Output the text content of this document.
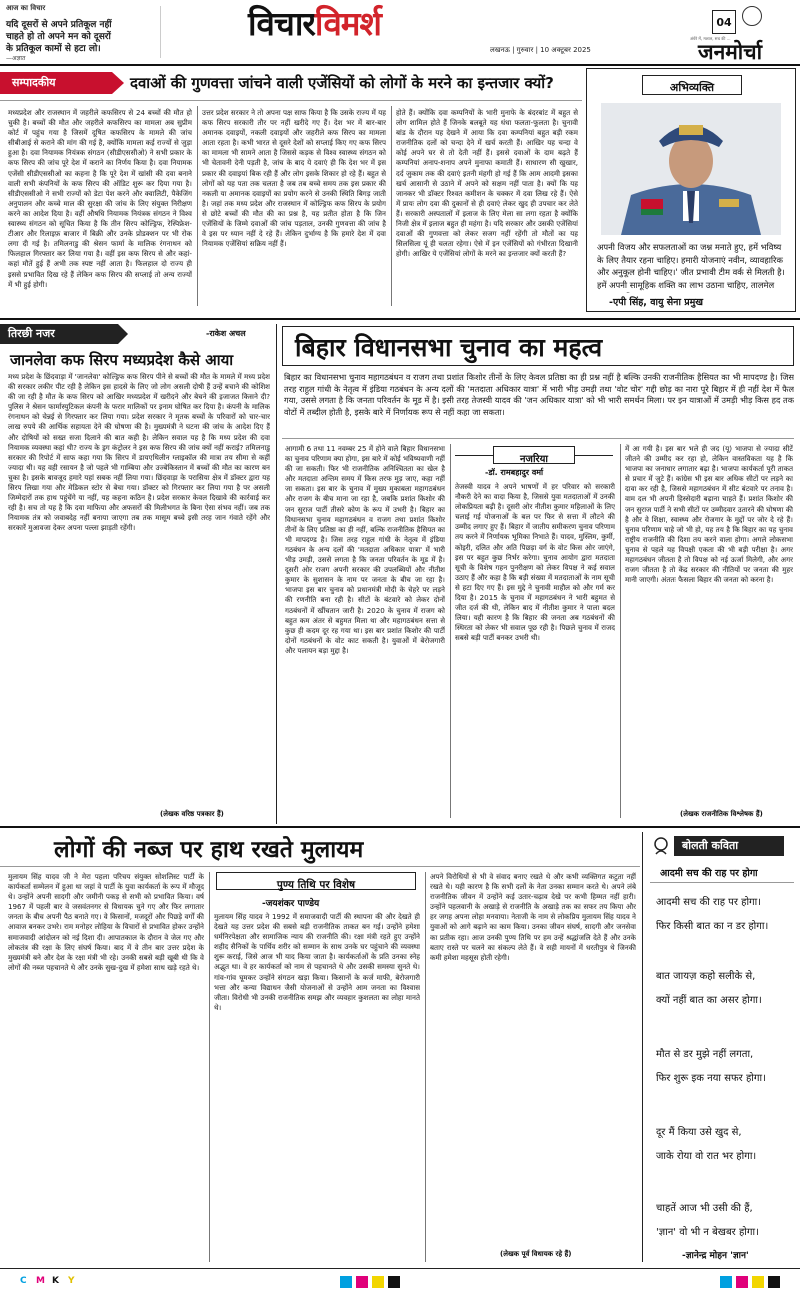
आज का विचार
यदि दूसरों से अपने प्रतिकूल नहीं
चाहते हो तो अपने मन को दूसरों
के प्रतिकूल कामों से हटा लो।
—अज्ञात
विचारविमर्श
लखनऊ | गुरुवार | 10 अक्टूबर 2025
04
अंधेरे में, मशाल, सच की ...
जनमोर्चा
सम्पादकीय	दवाओं की गुणवत्ता जांचने वाली एजेंसियों को लोगों के मरने का इन्तजार क्यों?
मध्यप्रदेश और राजस्थान में जहरीले कफसिरप से 24 बच्चों की मौत हो चुकी है। बच्चों की मौत और जहरीले कफसिरप का मामला अब सुप्रीम कोर्ट में पहुंच गया है जिसमें दूषित कफसिरप के मामले की जांच सीबीआई से कराने की मांग की गई है, क्योंकि मामला कई राज्यों से जुड़ा हुआ है। दवा नियामक नियंत्रक संगठन (सीडीएससीओ) ने सभी प्रकार के कफ सिरप की जांच पूरे देश में कराने का निर्णय किया है। दवा नियामक एजेंसी सीडीएससीओ का कहना है कि पूरे देश में खांसी की दवा बनाने वाली सभी कंपनियों के कफ सिरप की ऑडिट शुरू कर दिया गया है। सीडीएससीओ ने सभी राज्यों को डेटा पेश करने और क्वालिटी, पैकेजिंग अनुपालन और कच्चे माल की सुरक्षा की जांच के लिए संयुक्त निरीक्षण करने का आदेश दिया है। वहीं औषधि नियामक नियंत्रक संगठन ने विश्व स्वास्थ्य संगठन को सूचित किया है कि तीन सिरप कोल्ड्रिफ, रेस्पिफ्रेश-टीआर और रिलाइफ़ बाजार में बिक्री और उनके प्रोडक्शन पर भी रोक लगा दी गई है। तमिलनाडु की श्रेसन फार्मा के मालिक रंगनाथन को फिलहाल गिरफ्तार कर लिया गया है। वहीं इस कफ सिरप से और कहां-कहां मौतें हुई हैं अभी तक स्पष्ट नहीं आता है। फिलहाल दो राज्य ही इससे प्रभावित दिख रहे हैं लेकिन कफ सिरप की सप्लाई तो अन्य राज्यों में भी हुई होगी।
उत्तर प्रदेश सरकार ने तो अपना पक्ष साफ किया है कि उसके राज्य में यह कफ सिरप सरकारी तौर पर नहीं खरीदे गए हैं। देश भर में बार-बार अमानक दवाइयों, नकली दवाइयों और जहरीले कफ सिरप का मामला आता रहता है। कभी भारत से दूसरे देशों को सप्लाई किए गए कफ सिरप का मामला भी सामने आता है जिससे कड़क से विश्व स्वास्थ्य संगठन को भी चेतावनी देनी पड़ती है, जांच के बाद ये दवाएं ही कि देश भर में इस प्रकार की दवाइयां बिक रही हैं और लोग इसके शिकार हो रहे हैं। बहुत से लोगों को यह पता तक चलता है जब तब बच्चे समय तक इस प्रकार की नकली या अमानक दवाइयों का प्रयोग करने से उनकी स्थिति बिगड़ जाती है। जहां तक मध्य प्रदेश और राजस्थान में कोल्ड्रिफ कफ सिरप के प्रयोग से छोटे बच्चों की मौत की का प्रश्न है, यह प्रतीत होता है कि जिन एजेंसियों के जिम्मे दवाओं की जांच पड़ताल, उनकी गुणवत्ता की जांच है वे इस पर ध्यान नहीं दे रहे हैं। लेकिन दुर्भाग्य है कि हमारे देश में दवा नियामक एजेंसियां सक्रिय नहीं हैं।
होते हैं। क्योंकि दवा कम्पनियों के भारी मुनाफे के बंदरबांट में बहुत से लोग शामिल होते हैं जिनके बलबूते यह धंधा फलता-फूलता है। चुनावी बांड के दौरान यह देखने में आया कि दवा कम्पनियां बहुत बड़ी रकम राजनीतिक दलों को चन्दा देने में खर्च करती हैं। आखिर यह चन्दा वे कोई अपने घर से तो देती नहीं हैं। इससे दवाओं के दाम बढ़ते हैं कम्पनियां अनाप-शनाप अपने मुनाफा कमाती हैं। साधारण सी खुखार, दर्द जुकाम तक की दवाएं इतनी मंहगी हो गई हैं कि आम आदमी इसका खर्च आसानी से उठाने में अपने को सक्षम नहीं पाता है। क्यों कि यह जानकर भी डॉक्टर रिश्वत कमीशन के चक्कर में दवा लिख रहे हैं। ऐसे में प्रायः लोग दवा की दुकानों से ही दवाएं लेकर खुद ही उपचार कर लेते हैं। सरकारी अस्पतालों में इलाज के लिए मेला सा लगा रहता है क्योंकि निजी क्षेत्र में इलाज बहुत ही महंगा है। यदि सरकार और उसकी एजेंसियां दवाओं की गुणवत्ता को लेकर सजग नहीं रहेंगी तो मौतों का यह सिलसिला यूं ही चलता रहेगा। ऐसे में इन एजेंसियों को गंभीरता दिखानी होगी। आखिर ये एजेंसियां लोगों के मरने का इन्तजार क्यों करती हैं?
अभिव्यक्ति
अपनी विजय और सफलताओं का जश्न मनाते हुए, हमें भविष्य के लिए तैयार रहना चाहिए। हमारी योजनाएं नवीन, व्यावहारिक और अनुकूल होनी चाहिए।' जीत प्रभावी टीम वर्क से मिलती है। हमें अपनी सामूहिक शक्ति का लाभ उठाना चाहिए, तालमेल
-एपी सिंह, वायु सेना प्रमुख
तिरछी नजर	-राकेश अचल
जानलेवा कफ सिरप मध्यप्रदेश कैसे आया
मध्य प्रदेश के छिंदवाड़ा में 'जानलेवा' कोल्ड्रिफ कफ सिरप पीने से बच्चों की मौत के मामले में मध्य प्रदेश की सरकार लकीर पीट रही है लेकिन इस हादसे के लिए जो लोग असली दोषी हैं उन्हें बचाने की कोशिश की जा रही है मौत के कफ सिरप को आखिर मध्यप्रदेश में खरीदने और बेचने की इजाजत किसने दी? पुलिस ने श्रेसन फार्मास्युटिकल कंपनी के फरार मालिकों पर इनाम घोषित कर दिया है। कंपनी के मालिक रंगनाथन को चेन्नई से गिरफ्तार कर लिया गया। प्रदेश सरकार ने मृतक बच्चों के परिवारों को चार-चार लाख रुपये की आर्थिक सहायता देने की घोषणा की है। मुख्यमंत्री ने घटना की जांच के आदेश दिए हैं और दोषियों को सख्त सजा दिलाने की बात कही है। लेकिन सवाल यह है कि मध्य प्रदेश की दवा नियामक व्यवस्था कहां थी? राज्य के ड्रग कंट्रोलर ने इस कफ सिरप की जांच क्यों नहीं कराई? तमिलनाडु सरकार की रिपोर्ट में साफ कहा गया कि सिरप में डायएथिलीन ग्लाइकॉल की मात्रा तय सीमा से कहीं ज्यादा थी। यह वही रसायन है जो पहले भी गाम्बिया और उज्बेकिस्तान में बच्चों की मौत का कारण बन चुका है। इसके बावजूद हमारे यहां सबक नहीं लिया गया। छिंदवाड़ा के परासिया क्षेत्र में डॉक्टर द्वारा यह सिरप लिखा गया और मेडिकल स्टोर से बेचा गया। डॉक्टर को गिरफ्तार कर लिया गया है पर असली जिम्मेदारों तक हाथ पहुंचेंगे या नहीं, यह कहना कठिन है। प्रदेश सरकार केवल दिखावे की कार्रवाई कर रही है। सच तो यह है कि दवा माफिया और अफसरों की मिलीभगत के बिना ऐसा संभव नहीं। जब तक नियामक तंत्र को जवाबदेह नहीं बनाया जाएगा तब तक मासूम बच्चे इसी तरह जान गंवाते रहेंगे और सरकारें मुआवजा देकर अपना पल्ला झाड़ती रहेंगी।
(लेखक वरिष्ठ पत्रकार हैं)
बिहार विधानसभा चुनाव का महत्व
बिहार का विधानसभा चुनाव महागठबंधन व राजग तथा प्रशांत किशोर तीनों के लिए केवल प्रतिष्ठा का ही प्रश्न नहीं है बल्कि उनकी राजनीतिक हैसियत का भी मापदण्ड है। जिस तरह राहुल गांधी के नेतृत्व में इंडिया गठबंधन के अन्य दलों की 'मतदाता अधिकार यात्रा' में भारी भीड़ उमड़ी तथा 'वोट चोर' गद्दी छोड़ का नारा पूरे बिहार में ही नहीं देश में फैल गया, उससे लगता है कि जनता परिवर्तन के मूड में है। इसी तरह तेजस्वी यादव की 'जन अधिकार यात्रा' को भी भारी समर्थन मिला। पर इन यात्राओं में उमड़ी भीड़ किस हद तक वोटों में तब्दील होती है, इसके बारे में निर्णायक रूप से नहीं कहा जा सकता।
आगामी 6 तथा 11 नवम्बर 25 में होने वाले बिहार विधानसभा का चुनाव परिणाम क्या होगा, इस बारे में कोई भविष्यवाणी नहीं की जा सकती। फिर भी राजनीतिक अनिश्चितता का खेल है और मतदाता अन्तिम समय में किस तरफ मुड़ जाए, कहा नहीं जा सकता। इस बार के चुनाव में मुख्य मुकाबला महागठबंधन और राजग के बीच माना जा रहा है, जबकि प्रशांत किशोर की जन सुराज पार्टी तीसरे कोण के रूप में उभरी है। बिहार का विधानसभा चुनाव महागठबंधन व राजग तथा प्रशांत किशोर तीनों के लिए प्रतिष्ठा का ही नहीं, बल्कि राजनीतिक हैसियत का भी मापदण्ड है। जिस तरह राहुल गांधी के नेतृत्व में इंडिया गठबंधन के अन्य दलों की 'मतदाता अधिकार यात्रा' में भारी भीड़ उमड़ी, उससे लगता है कि जनता परिवर्तन के मूड में है। दूसरी ओर राजग अपनी सरकार की उपलब्धियों और नीतीश कुमार के सुशासन के नाम पर जनता के बीच जा रहा है। भाजपा इस बार चुनाव को प्रधानमंत्री मोदी के चेहरे पर लड़ने की रणनीति बना रही है। सीटों के बंटवारे को लेकर दोनों गठबंधनों में खींचतान जारी है। 2020 के चुनाव में राजग को बहुत कम अंतर से बहुमत मिला था और महागठबंधन सत्ता से कुछ ही कदम दूर रह गया था। इस बार प्रशांत किशोर की पार्टी दोनों गठबंधनों के वोट काट सकती है। युवाओं में बेरोजगारी और पलायन बड़ा मुद्दा है।
नजरिया
-डॉ. रामबहादुर वर्मा
तेजस्वी यादव ने अपने भाषणों में हर परिवार को सरकारी नौकरी देने का वादा किया है, जिससे युवा मतदाताओं में उनकी लोकप्रियता बढ़ी है। दूसरी ओर नीतीश कुमार महिलाओं के लिए चलाई गई योजनाओं के बल पर फिर से सत्ता में लौटने की उम्मीद लगाए हुए हैं। बिहार में जातीय समीकरण चुनाव परिणाम तय करने में निर्णायक भूमिका निभाते हैं। यादव, मुस्लिम, कुर्मी, कोइरी, दलित और अति पिछड़ा वर्ग के वोट किस ओर जाएंगे, इस पर बहुत कुछ निर्भर करेगा। चुनाव आयोग द्वारा मतदाता सूची के विशेष गहन पुनरीक्षण को लेकर विपक्ष ने कई सवाल उठाए हैं और कहा है कि बड़ी संख्या में मतदाताओं के नाम सूची से हटा दिए गए हैं। इस मुद्दे ने चुनावी माहौल को और गर्म कर दिया है। 2015 के चुनाव में महागठबंधन ने भारी बहुमत से जीत दर्ज की थी, लेकिन बाद में नीतीश कुमार ने पाला बदल लिया। यही कारण है कि बिहार की जनता अब गठबंधनों की स्थिरता को लेकर भी सवाल पूछ रही है। पिछले चुनाव में राजद सबसे बड़ी पार्टी बनकर उभरी थी।
में आ गयी है। इस बार भले ही जद (यू) भाजपा से ज्यादा सीटें जीतने की उम्मीद कर रहा हो, लेकिन वास्तविकता यह है कि भाजपा का जनाधार लगातार बढ़ा है। भाजपा कार्यकर्ता पूरी ताकत से प्रचार में जुटे हैं। कांग्रेस भी इस बार अधिक सीटों पर लड़ने का दावा कर रही है, जिससे महागठबंधन में सीट बंटवारे पर तनाव है। वाम दल भी अपनी हिस्सेदारी बढ़ाना चाहते हैं। प्रशांत किशोर की जन सुराज पार्टी ने सभी सीटों पर उम्मीदवार उतारने की घोषणा की है और वे शिक्षा, स्वास्थ्य और रोजगार के मुद्दों पर जोर दे रहे हैं। चुनाव परिणाम चाहे जो भी हो, यह तय है कि बिहार का यह चुनाव राष्ट्रीय राजनीति की दिशा तय करने वाला होगा। अगले लोकसभा चुनाव से पहले यह विपक्षी एकता की भी बड़ी परीक्षा है। अगर महागठबंधन जीतता है तो विपक्ष को नई ऊर्जा मिलेगी, और अगर राजग जीतता है तो केंद्र सरकार की नीतियों पर जनता की मुहर मानी जाएगी। अंततः फैसला बिहार की जनता को करना है।
(लेखक राजनीतिक विश्लेषक हैं)
लोगों की नब्ज पर हाथ रखते मुलायम
मुलायम सिंह यादव जी ने मेरा पहला परिचय संयुक्त सोशलिस्ट पार्टी के कार्यकर्ता सम्मेलन में हुआ था जहां वे पार्टी के युवा कार्यकर्ता के रूप में मौजूद थे। उन्होंने अपनी सादगी और जमीनी पकड़ से सभी को प्रभावित किया। वर्ष 1967 में पहली बार वे जसवंतनगर से विधायक चुने गए और फिर लगातार जनता के बीच अपनी पैठ बनाते गए। वे किसानों, मजदूरों और पिछड़े वर्गों की आवाज बनकर उभरे। राम मनोहर लोहिया के विचारों से प्रभावित होकर उन्होंने समाजवादी आंदोलन को नई दिशा दी। आपातकाल के दौरान वे जेल गए और लोकतंत्र की रक्षा के लिए संघर्ष किया। बाद में वे तीन बार उत्तर प्रदेश के मुख्यमंत्री बने और देश के रक्षा मंत्री भी रहे। उनकी सबसे बड़ी खूबी थी कि वे लोगों की नब्ज पहचानते थे और उनके सुख-दुख में हमेशा साथ खड़े रहते थे।
पुण्य तिथि पर विशेष
-जयशंकर पाण्डेय
मुलायम सिंह यादव ने 1992 में समाजवादी पार्टी की स्थापना की और देखते ही देखते यह उत्तर प्रदेश की सबसे बड़ी राजनीतिक ताकत बन गई। उन्होंने हमेशा धर्मनिरपेक्षता और सामाजिक न्याय की राजनीति की। रक्षा मंत्री रहते हुए उन्होंने शहीद सैनिकों के पार्थिव शरीर को सम्मान के साथ उनके घर पहुंचाने की व्यवस्था शुरू कराई, जिसे आज भी याद किया जाता है। कार्यकर्ताओं के प्रति उनका स्नेह अद्भुत था। वे हर कार्यकर्ता को नाम से पहचानते थे और उसकी समस्या सुनते थे। गांव-गांव घूमकर उन्होंने संगठन खड़ा किया। किसानों के कर्ज माफी, बेरोजगारी भत्ता और कन्या विद्याधन जैसी योजनाओं से उन्होंने आम जनता का विश्वास जीता। विरोधी भी उनकी राजनीतिक समझ और व्यवहार कुशलता का लोहा मानते थे।
अपने विरोधियों से भी वे संवाद बनाए रखते थे और कभी व्यक्तिगत कटुता नहीं रखते थे। यही कारण है कि सभी दलों के नेता उनका सम्मान करते थे। अपने लंबे राजनीतिक जीवन में उन्होंने कई उतार-चढ़ाव देखे पर कभी हिम्मत नहीं हारी। उन्होंने पहलवानी के अखाड़े से राजनीति के अखाड़े तक का सफर तय किया और हर जगह अपना लोहा मनवाया। नेताजी के नाम से लोकप्रिय मुलायम सिंह यादव ने युवाओं को आगे बढ़ाने का काम किया। उनका जीवन संघर्ष, सादगी और जनसेवा का प्रतीक रहा। आज उनकी पुण्य तिथि पर हम उन्हें श्रद्धांजलि देते हैं और उनके बताए रास्ते पर चलने का संकल्प लेते हैं। वे सही मायनों में धरतीपुत्र थे जिनकी कमी हमेशा महसूस होती रहेगी।
(लेखक पूर्व विधायक रहे हैं)
बोलती कविता
आदमी सच की राह पर होगा
आदमी सच की राह पर होगा।
फिर किसी बात का न डर होगा।
बात जायज़ कहो सलीके से,
क्यों नहीं बात का असर होगा।
मौत से डर मुझे नहीं लगता,
फिर शुरू इक नया सफर होगा।
दूर मैं किया उसे खुद से,
जाके रोया वो रात भर होगा।
चाहतें आज भी उसी की हैं,
'ज्ञान' वो भी न बेखबर होगा।
-ज्ञानेन्द्र मोहन 'ज्ञान'
C M K Y
